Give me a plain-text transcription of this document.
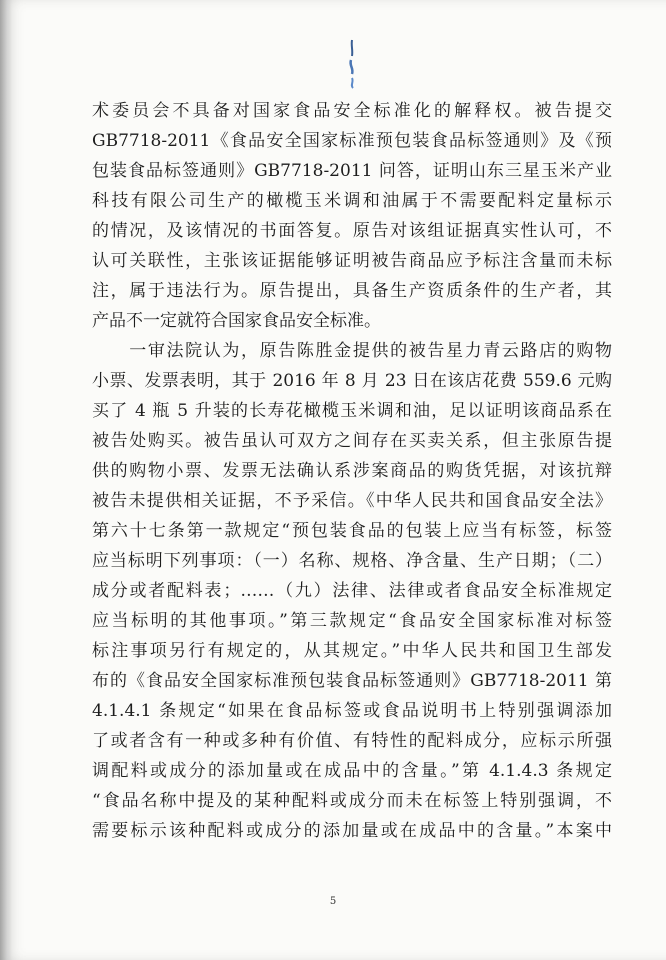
术委员会不具备对国家食品安全标准化的解释权。被告提交
GB7718-2011《食品安全国家标准预包装食品标签通则》及《预
包装食品标签通则》GB7718-2011 问答，证明山东三星玉米产业
科技有限公司生产的橄榄玉米调和油属于不需要配料定量标示
的情况，及该情况的书面答复。原告对该组证据真实性认可，不
认可关联性，主张该证据能够证明被告商品应予标注含量而未标
注，属于违法行为。原告提出，具备生产资质条件的生产者，其
产品不一定就符合国家食品安全标准。
　　一审法院认为，原告陈胜金提供的被告星力青云路店的购物
小票、发票表明，其于 2016 年 8 月 23 日在该店花费 559.6 元购
买了 4 瓶 5 升装的长寿花橄榄玉米调和油，足以证明该商品系在
被告处购买。被告虽认可双方之间存在买卖关系，但主张原告提
供的购物小票、发票无法确认系涉案商品的购货凭据，对该抗辩
被告未提供相关证据，不予采信。《中华人民共和国食品安全法》
第六十七条第一款规定“预包装食品的包装上应当有标签，标签
应当标明下列事项：（一）名称、规格、净含量、生产日期；（二）
成分或者配料表；……（九）法律、法律或者食品安全标准规定
应当标明的其他事项。”第三款规定“食品安全国家标准对标签
标注事项另行有规定的，从其规定。”中华人民共和国卫生部发
布的《食品安全国家标准预包装食品标签通则》GB7718-2011 第
4.1.4.1 条规定“如果在食品标签或食品说明书上特别强调添加
了或者含有一种或多种有价值、有特性的配料成分，应标示所强
调配料或成分的添加量或在成品中的含量。”第 4.1.4.3 条规定
“食品名称中提及的某种配料或成分而未在标签上特别强调，不
需要标示该种配料或成分的添加量或在成品中的含量。”本案中
5
